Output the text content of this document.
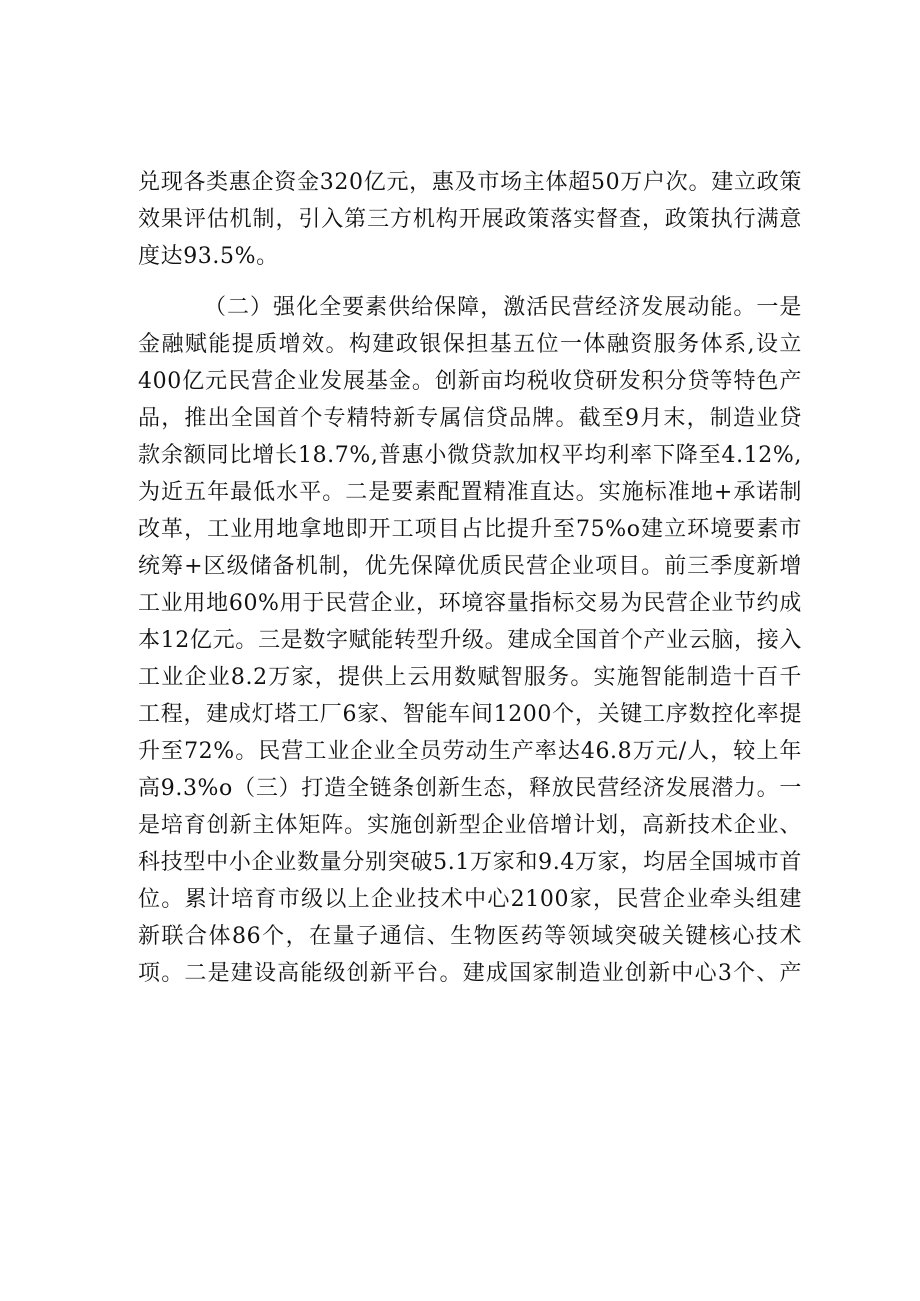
兑现各类惠企资金320亿元，惠及市场主体超50万户次。建立政策
效果评估机制，引入第三方机构开展政策落实督查，政策执行满意
度达93.5%。
（二）强化全要素供给保障，激活民营经济发展动能。一是
金融赋能提质增效。构建政银保担基五位一体融资服务体系,设立
400亿元民营企业发展基金。创新亩均税收贷研发积分贷等特色产
品，推出全国首个专精特新专属信贷品牌。截至9月末，制造业贷
款余额同比增长18.7%,普惠小微贷款加权平均利率下降至4.12%,
为近五年最低水平。二是要素配置精准直达。实施标准地+承诺制
改革，工业用地拿地即开工项目占比提升至75%o建立环境要素市
统筹+区级储备机制，优先保障优质民营企业项目。前三季度新增
工业用地60%用于民营企业，环境容量指标交易为民营企业节约成
本12亿元。三是数字赋能转型升级。建成全国首个产业云脑，接入
工业企业8.2万家，提供上云用数赋智服务。实施智能制造十百千
工程，建成灯塔工厂6家、智能车间1200个，关键工序数控化率提
升至72%。民营工业企业全员劳动生产率达46.8万元/人，较上年
高9.3%o（三）打造全链条创新生态，释放民营经济发展潜力。一
是培育创新主体矩阵。实施创新型企业倍增计划，高新技术企业、
科技型中小企业数量分别突破5.1万家和9.4万家，均居全国城市首
位。累计培育市级以上企业技术中心2100家，民营企业牵头组建
新联合体86个，在量子通信、生物医药等领域突破关键核心技术
项。二是建设高能级创新平台。建成国家制造业创新中心3个、产
